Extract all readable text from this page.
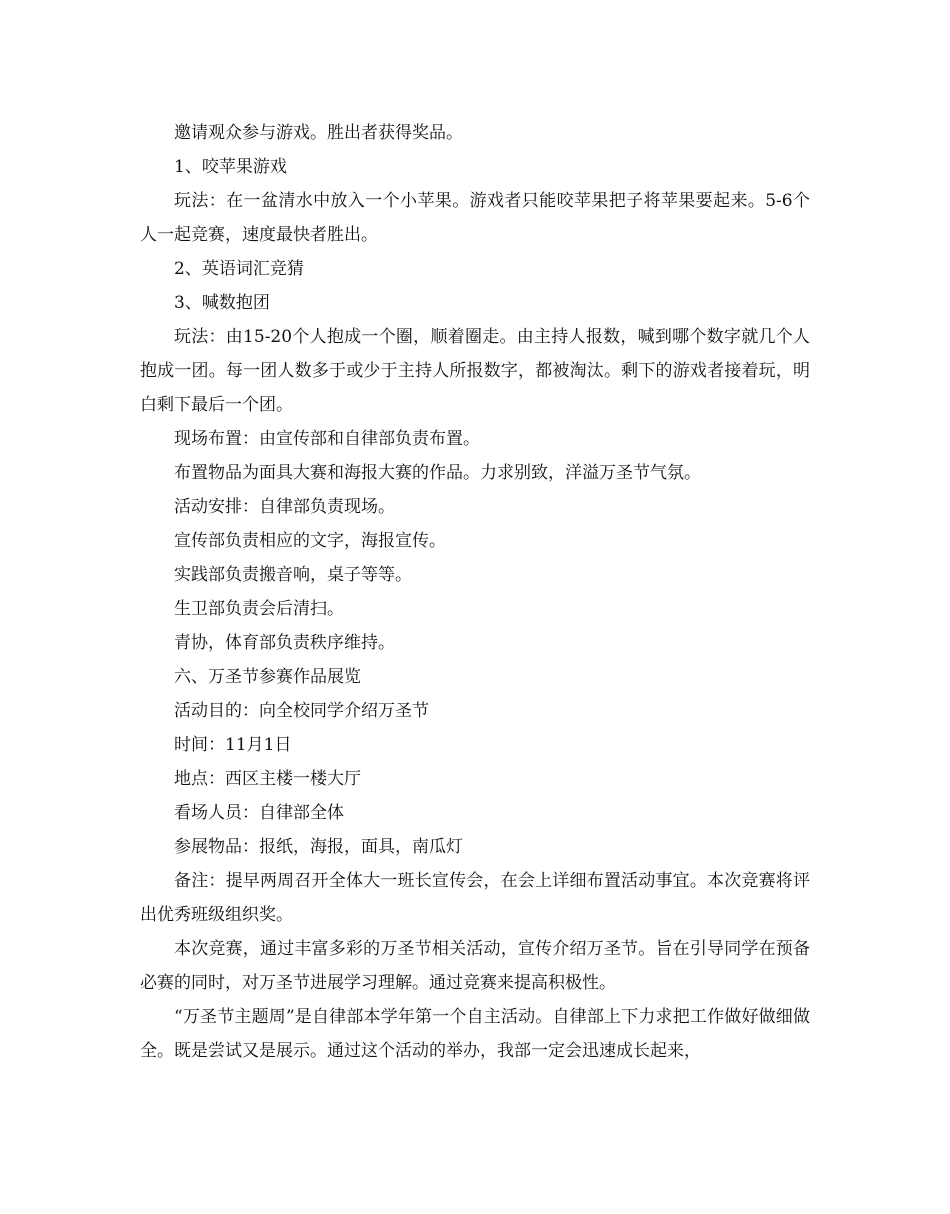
邀请观众参与游戏。胜出者获得奖品。

1、咬苹果游戏

玩法：在一盆清水中放入一个小苹果。游戏者只能咬苹果把子将苹果要起来。5-6个人一起竞赛，速度最快者胜出。

2、英语词汇竞猜

3、喊数抱团

玩法：由15-20个人抱成一个圈，顺着圈走。由主持人报数，喊到哪个数字就几个人抱成一团。每一团人数多于或少于主持人所报数字，都被淘汰。剩下的游戏者接着玩，明白剩下最后一个团。

现场布置：由宣传部和自律部负责布置。

布置物品为面具大赛和海报大赛的作品。力求别致，洋溢万圣节气氛。

活动安排：自律部负责现场。

宣传部负责相应的文字，海报宣传。

实践部负责搬音响，桌子等等。

生卫部负责会后清扫。

青协，体育部负责秩序维持。

六、万圣节参赛作品展览

活动目的：向全校同学介绍万圣节

时间：11月1日

地点：西区主楼一楼大厅

看场人员：自律部全体

参展物品：报纸，海报，面具，南瓜灯

备注：提早两周召开全体大一班长宣传会，在会上详细布置活动事宜。本次竞赛将评出优秀班级组织奖。

本次竞赛，通过丰富多彩的万圣节相关活动，宣传介绍万圣节。旨在引导同学在预备必赛的同时，对万圣节进展学习理解。通过竞赛来提高积极性。

“万圣节主题周”是自律部本学年第一个自主活动。自律部上下力求把工作做好做细做全。既是尝试又是展示。通过这个活动的举办，我部一定会迅速成长起来，
